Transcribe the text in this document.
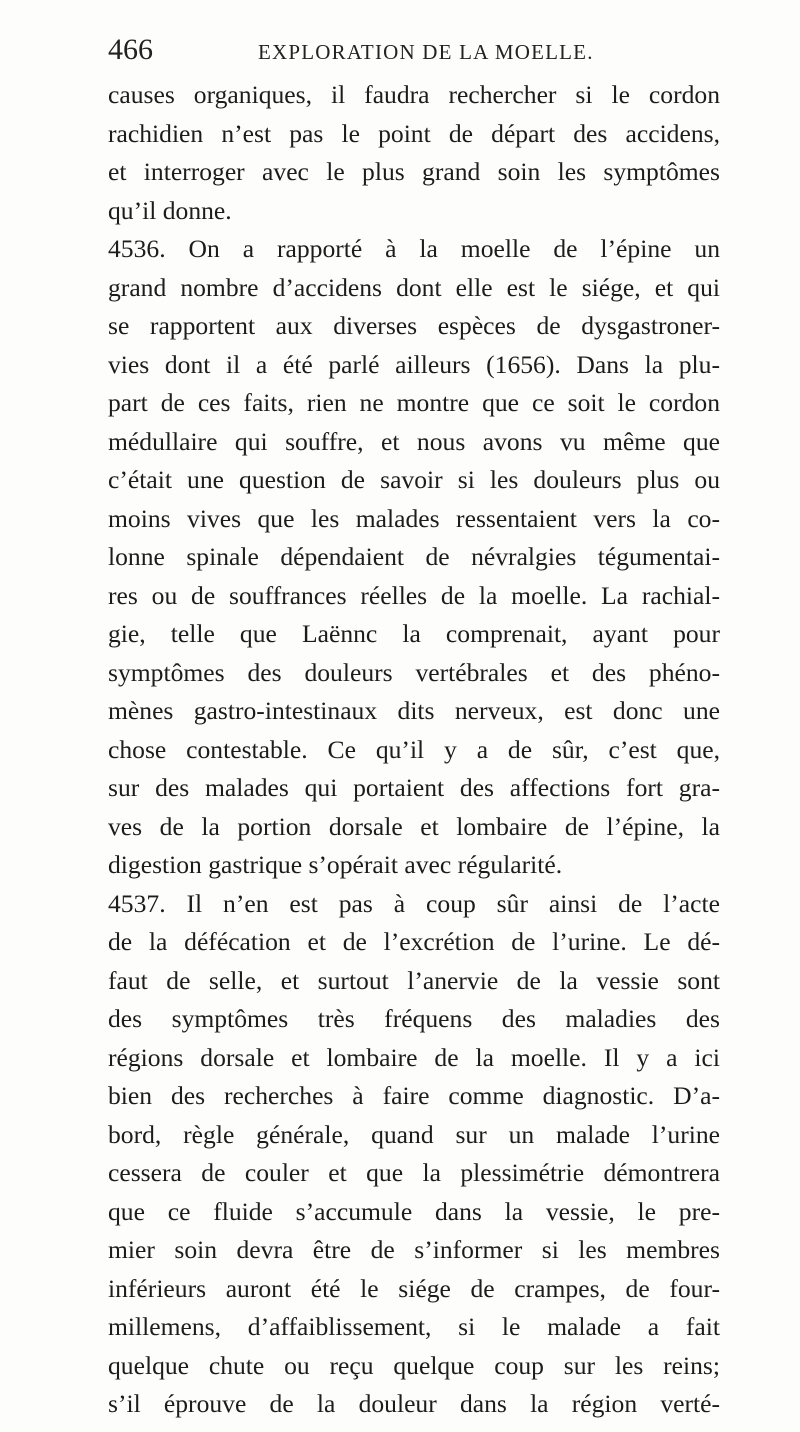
466	EXPLORATION DE LA MOELLE.
causes organiques, il faudra rechercher si le cordon
rachidien n’est pas le point de départ des accidens,
et interroger avec le plus grand soin les symptômes
qu’il donne.
4536. On a rapporté à la moelle de l’épine un
grand nombre d’accidens dont elle est le siége, et qui
se rapportent aux diverses espèces de dysgastroner-
vies dont il a été parlé ailleurs (1656). Dans la plu-
part de ces faits, rien ne montre que ce soit le cordon
médullaire qui souffre, et nous avons vu même que
c’était une question de savoir si les douleurs plus ou
moins vives que les malades ressentaient vers la co-
lonne spinale dépendaient de névralgies tégumentai-
res ou de souffrances réelles de la moelle. La rachial-
gie, telle que Laënnc la comprenait, ayant pour
symptômes des douleurs vertébrales et des phéno-
mènes gastro-intestinaux dits nerveux, est donc une
chose contestable. Ce qu’il y a de sûr, c’est que,
sur des malades qui portaient des affections fort gra-
ves de la portion dorsale et lombaire de l’épine, la
digestion gastrique s’opérait avec régularité.
4537. Il n’en est pas à coup sûr ainsi de l’acte
de la défécation et de l’excrétion de l’urine. Le dé-
faut de selle, et surtout l’anervie de la vessie sont
des symptômes très fréquens des maladies des
régions dorsale et lombaire de la moelle. Il y a ici
bien des recherches à faire comme diagnostic. D’a-
bord, règle générale, quand sur un malade l’urine
cessera de couler et que la plessimétrie démontrera
que ce fluide s’accumule dans la vessie, le pre-
mier soin devra être de s’informer si les membres
inférieurs auront été le siége de crampes, de four-
millemens, d’affaiblissement, si le malade a fait
quelque chute ou reçu quelque coup sur les reins;
s’il éprouve de la douleur dans la région verté-
